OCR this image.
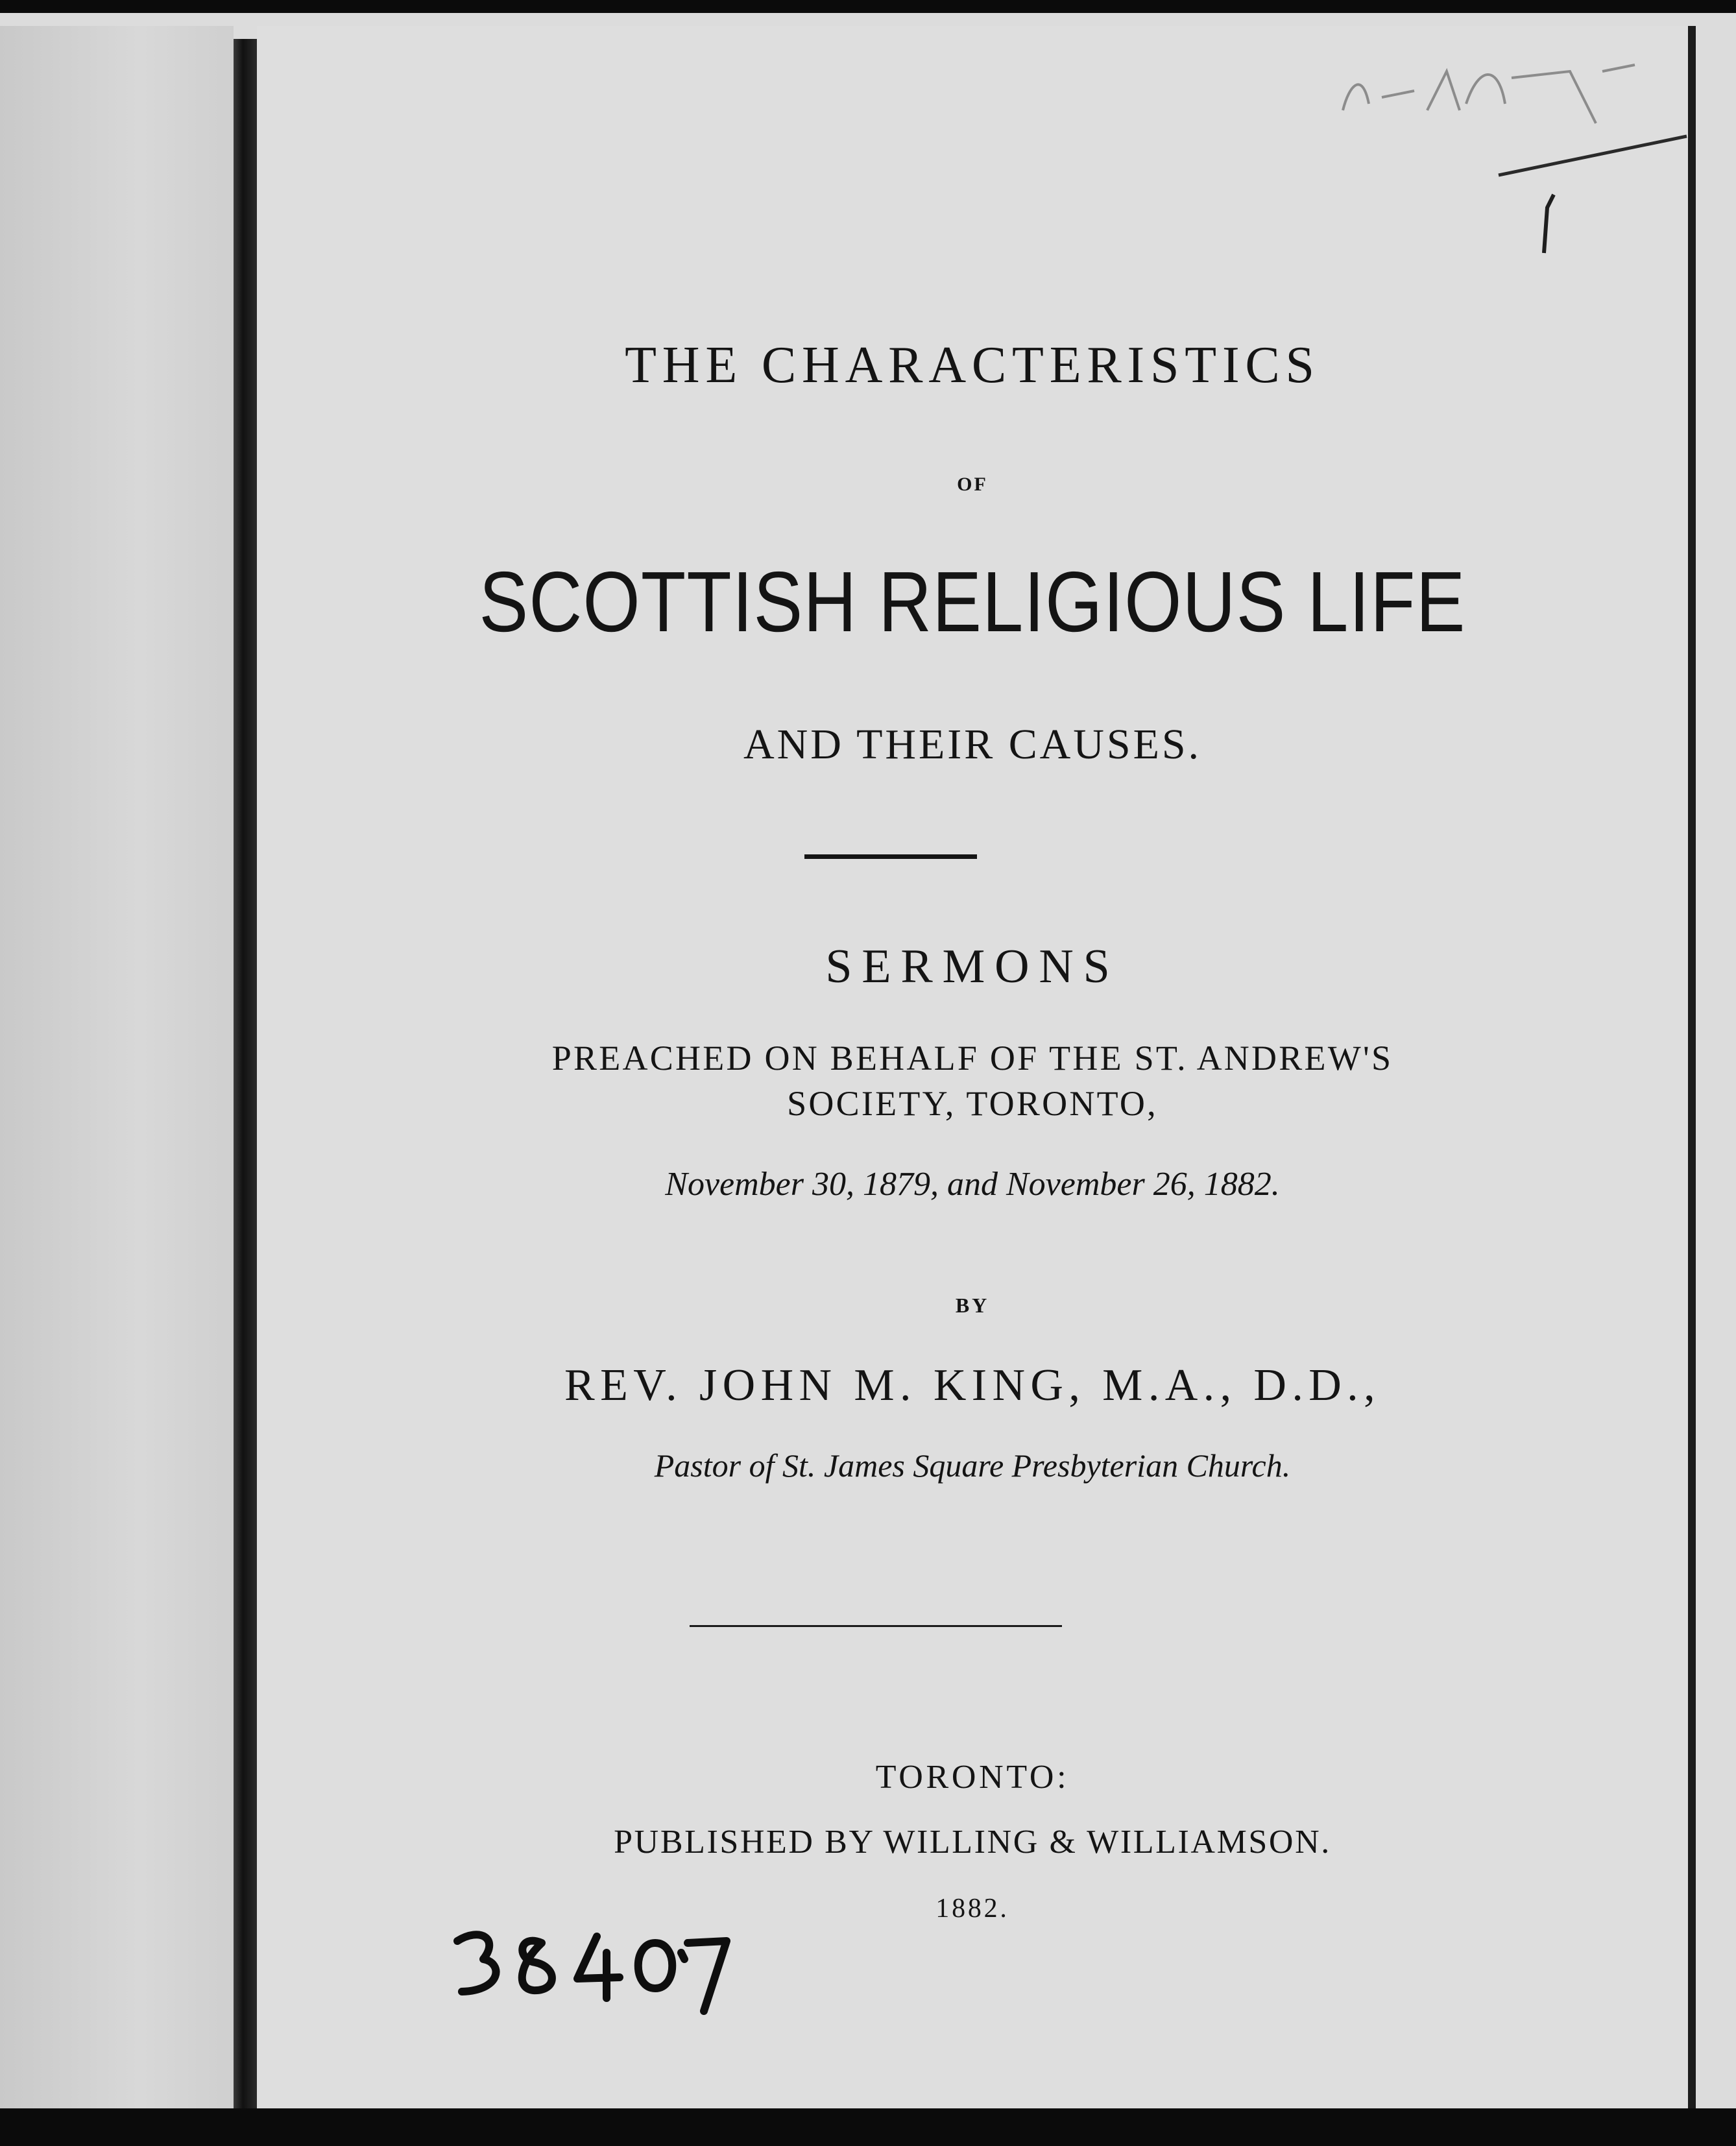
THE CHARACTERISTICS

OF

SCOTTISH RELIGIOUS LIFE

AND THEIR CAUSES.

SERMONS

PREACHED ON BEHALF OF THE ST. ANDREW'S

SOCIETY, TORONTO,

November 30, 1879, and November 26, 1882.

BY

REV. JOHN M. KING, M.A., D.D.,

Pastor of St. James Square Presbyterian Church.

TORONTO:

PUBLISHED BY WILLING & WILLIAMSON.

1882.
